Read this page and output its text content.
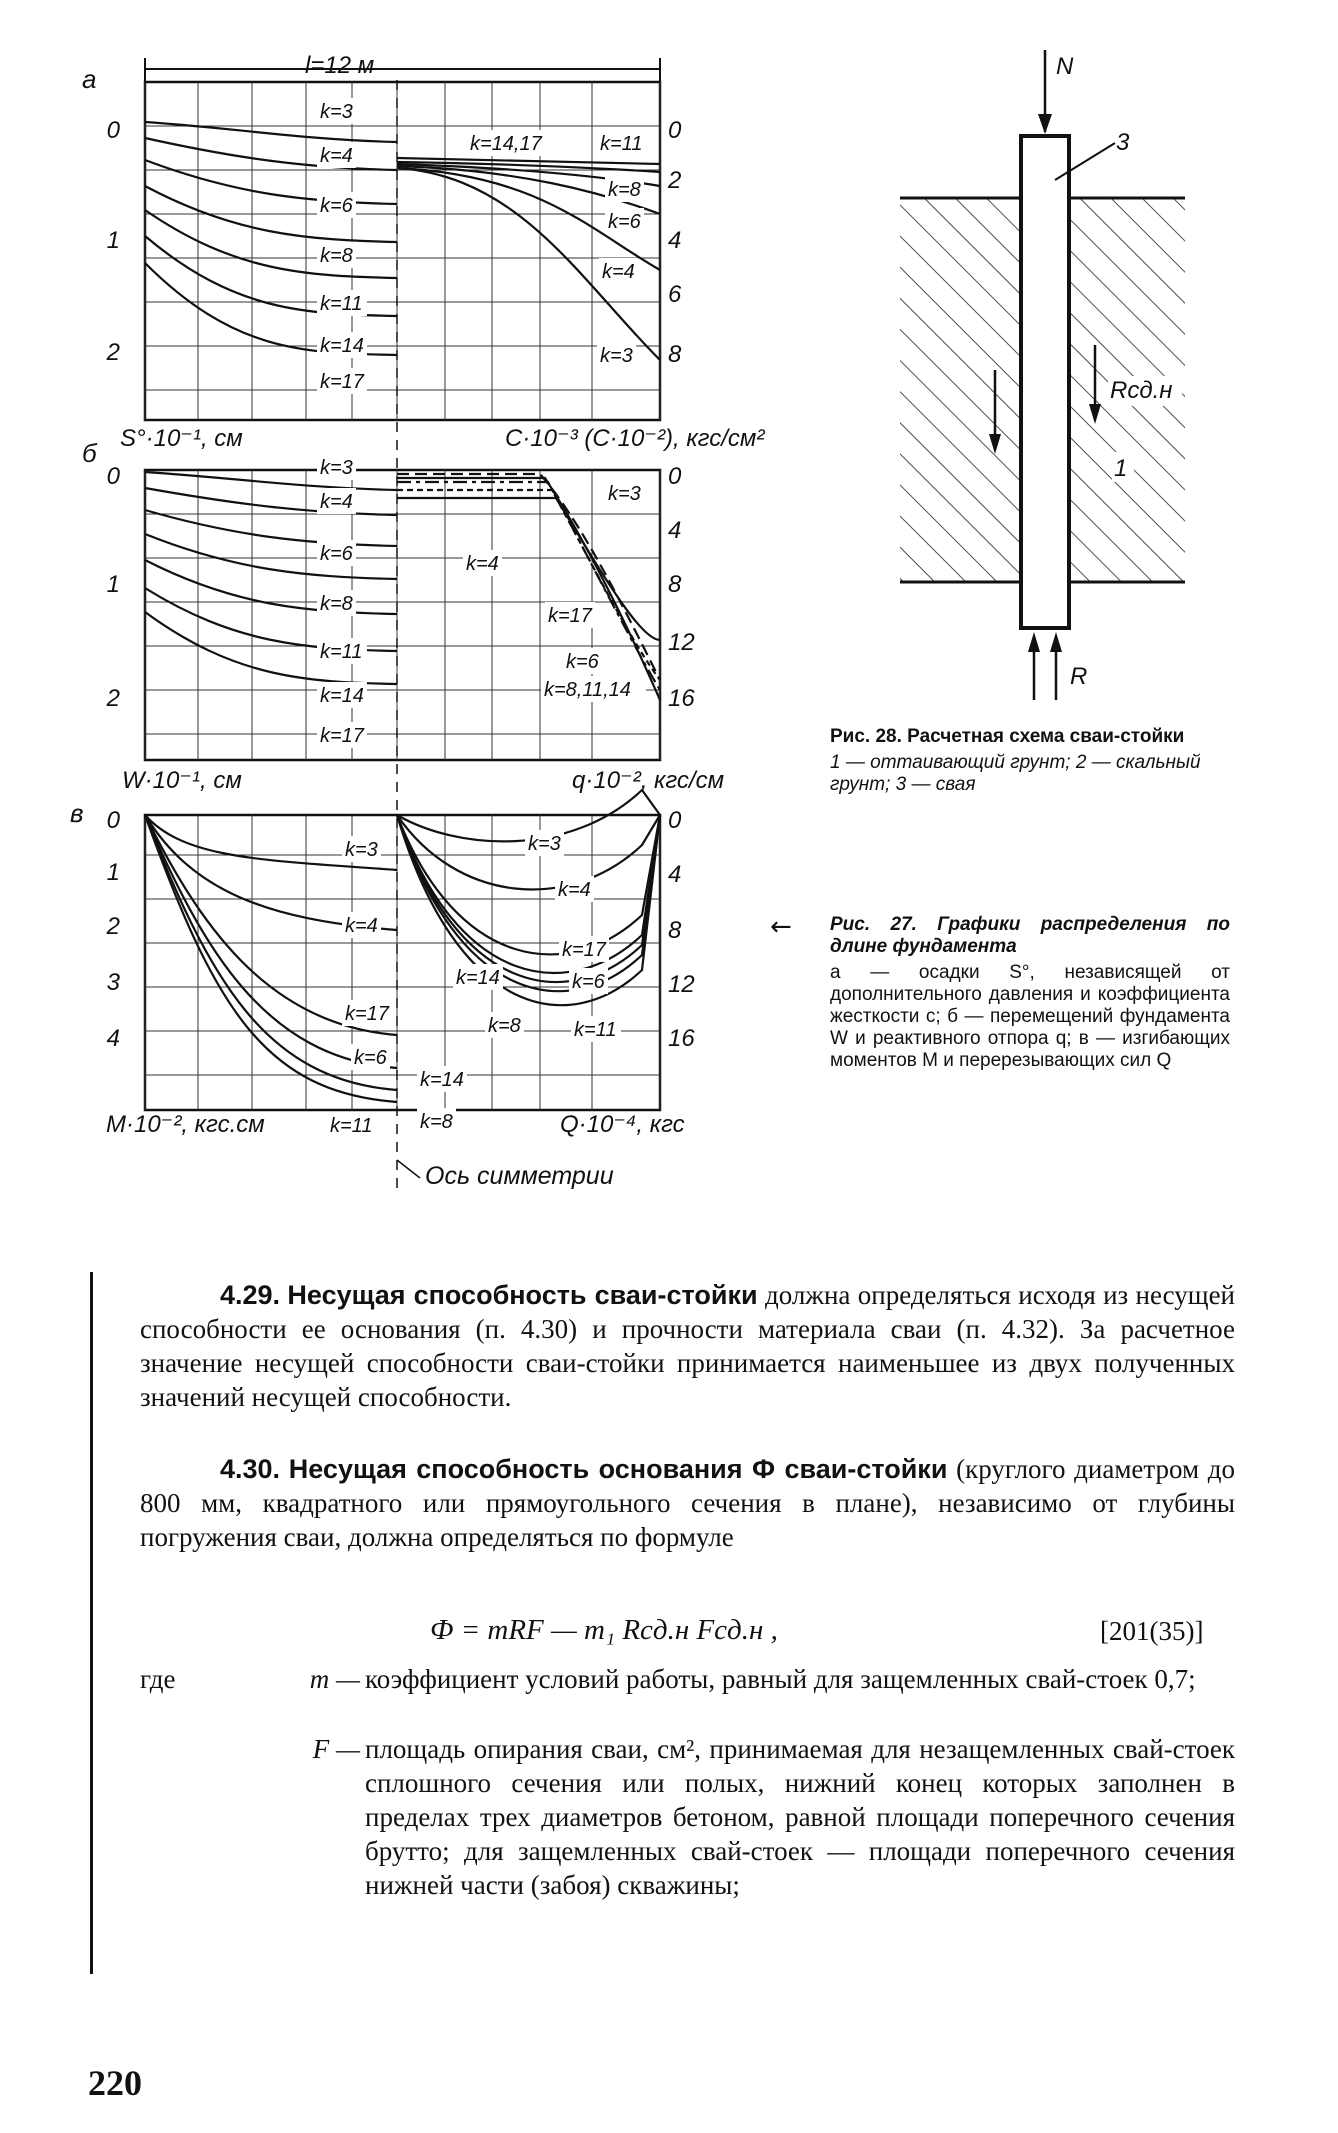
а
б
в
l=12 м
Ось симметрии
0
1
2
0
2
4
6
8
k=3
k=4
k=6
k=8
k=11
k=14
k=17
k=14,17	k=11
k=8
k=6
k=4
k=3
S°·10⁻¹, см	C·10⁻³ (C·10⁻²), кгс/см²
0
1
2
0
4
8
12
16
k=3
k=4
k=6
k=8
k=11
k=14
k=17
k=3
k=4
k=17
k=6
k=8,11,14
W·10⁻¹, см	q·10⁻², кгс/см
0
1
2
3
4
0
4
8
12
16
k=3
k=4
k=17
k=6
k=11
k=3
k=4
k=17
k=6
k=14
k=8	k=11
k=14
k=8
M·10⁻², кгс.см	Q·10⁻⁴, кгс
N
3
Rсд.н
1
R
Рис. 28. Расчетная схема сваи-стойки
1 — оттаивающий грунт; 2 — скальный грунт; 3 — свая
← Рис. 27. Графики распределения по длине фундамента
а — осадки S°, независящей от дополнительного давления и коэффициента жесткости c; б — перемещений фундамента W и реактивного отпора q; в — изгибающих моментов M и перерезывающих сил Q
4.29. Несущая способность сваи-стойки должна определяться исходя из несущей способности ее основания (п. 4.30) и прочности материала сваи (п. 4.32). За расчетное значение несущей способности сваи-стойки принимается наименьшее из двух полученных значений несущей способности.
4.30. Несущая способность основания Ф сваи-стойки (круглого диаметром до 800 мм, квадратного или прямоугольного сечения в плане), независимо от глубины погружения сваи, должна определяться по формуле
Ф = mRF — m₁ Rсд.н Fсд.н ,	[201(35)]
где	m — коэффициент условий работы, равный для защемленных свай-стоек 0,7;
F — площадь опирания сваи, см², принимаемая для незащемленных свай-стоек сплошного сечения или полых, нижний конец которых заполнен в пределах трех диаметров бетоном, равной площади поперечного сечения брутто; для защемленных свай-стоек — площади поперечного сечения нижней части (забоя) скважины;
220
